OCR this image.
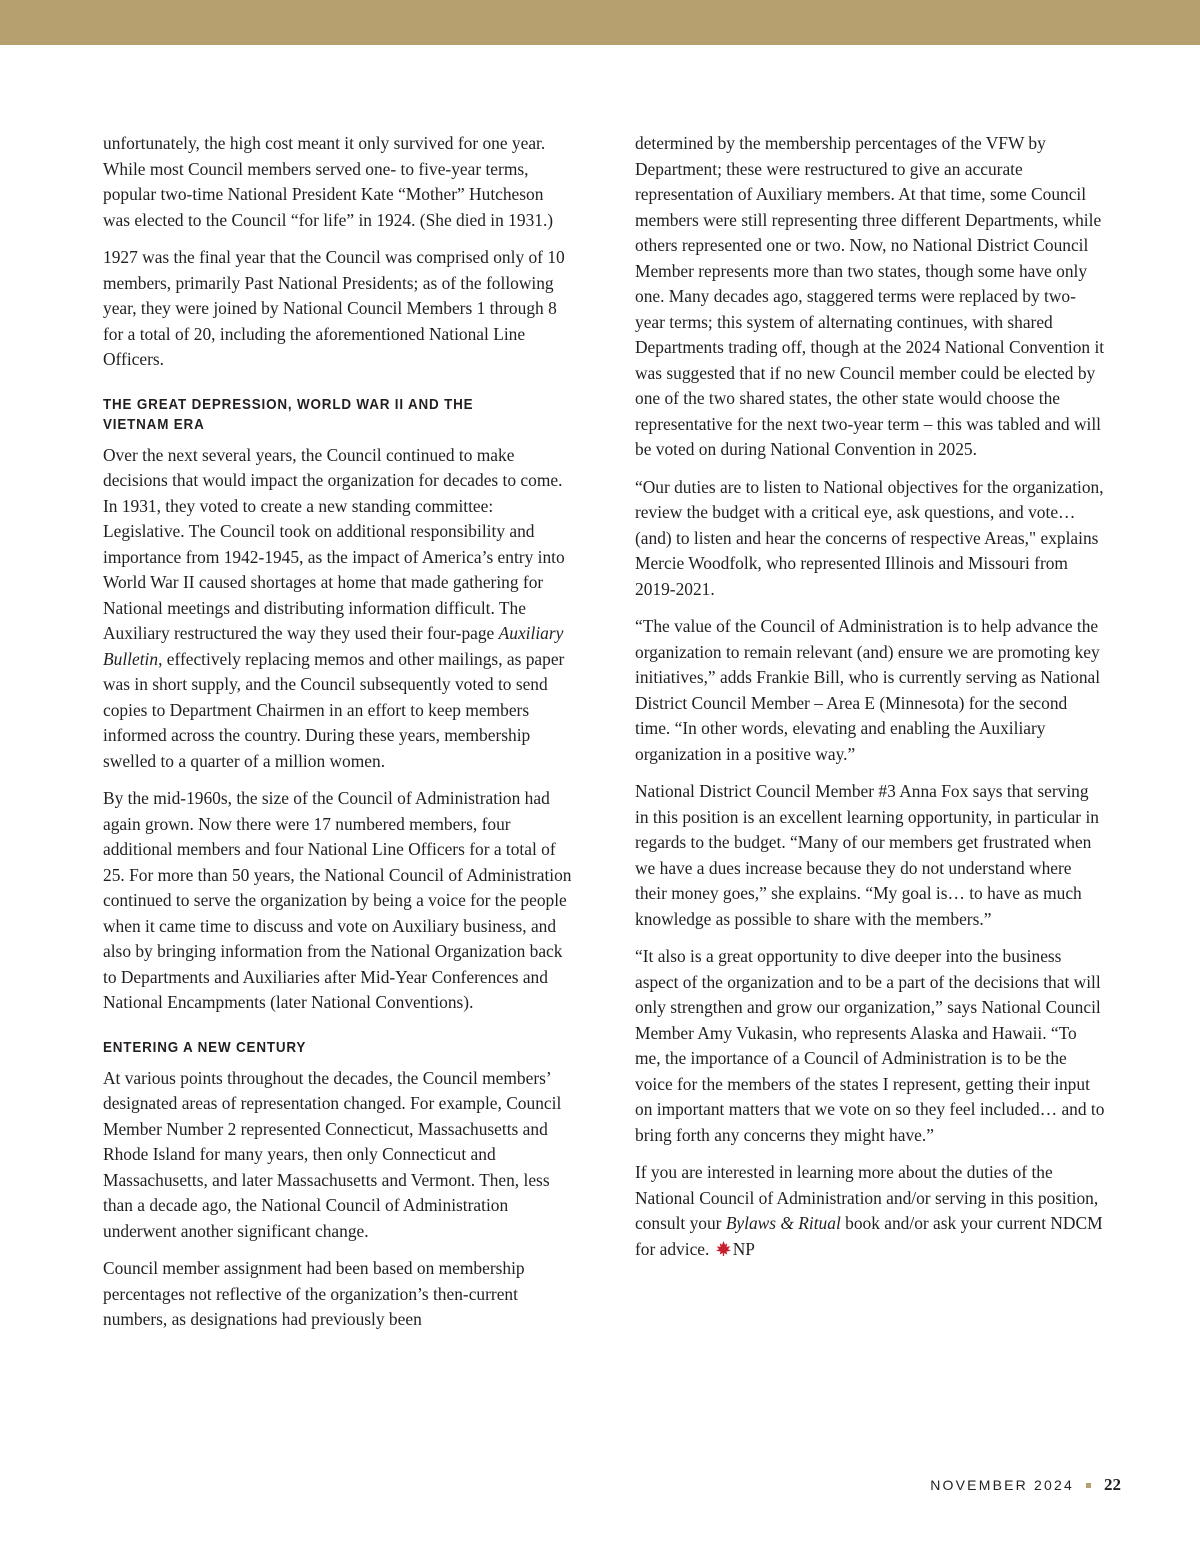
unfortunately, the high cost meant it only survived for one year. While most Council members served one- to five-year terms, popular two-time National President Kate “Mother” Hutcheson was elected to the Council “for life” in 1924. (She died in 1931.)

1927 was the final year that the Council was comprised only of 10 members, primarily Past National Presidents; as of the following year, they were joined by National Council Members 1 through 8 for a total of 20, including the aforementioned National Line Officers.

THE GREAT DEPRESSION, WORLD WAR II AND THE VIETNAM ERA

Over the next several years, the Council continued to make decisions that would impact the organization for decades to come. In 1931, they voted to create a new standing committee: Legislative. The Council took on additional responsibility and importance from 1942-1945, as the impact of America’s entry into World War II caused shortages at home that made gathering for National meetings and distributing information difficult. The Auxiliary restructured the way they used their four-page Auxiliary Bulletin, effectively replacing memos and other mailings, as paper was in short supply, and the Council subsequently voted to send copies to Department Chairmen in an effort to keep members informed across the country. During these years, membership swelled to a quarter of a million women.

By the mid-1960s, the size of the Council of Administration had again grown. Now there were 17 numbered members, four additional members and four National Line Officers for a total of 25. For more than 50 years, the National Council of Administration continued to serve the organization by being a voice for the people when it came time to discuss and vote on Auxiliary business, and also by bringing information from the National Organization back to Departments and Auxiliaries after Mid-Year Conferences and National Encampments (later National Conventions).

ENTERING A NEW CENTURY

At various points throughout the decades, the Council members’ designated areas of representation changed. For example, Council Member Number 2 represented Connecticut, Massachusetts and Rhode Island for many years, then only Connecticut and Massachusetts, and later Massachusetts and Vermont. Then, less than a decade ago, the National Council of Administration underwent another significant change.

Council member assignment had been based on membership percentages not reflective of the organization’s then-current numbers, as designations had previously been

determined by the membership percentages of the VFW by Department; these were restructured to give an accurate representation of Auxiliary members. At that time, some Council members were still representing three different Departments, while others represented one or two. Now, no National District Council Member represents more than two states, though some have only one. Many decades ago, staggered terms were replaced by two-year terms; this system of alternating continues, with shared Departments trading off, though at the 2024 National Convention it was suggested that if no new Council member could be elected by one of the two shared states, the other state would choose the representative for the next two-year term – this was tabled and will be voted on during National Convention in 2025.

“Our duties are to listen to National objectives for the organization, review the budget with a critical eye, ask questions, and vote… (and) to listen and hear the concerns of respective Areas," explains Mercie Woodfolk, who represented Illinois and Missouri from 2019-2021.

“The value of the Council of Administration is to help advance the organization to remain relevant (and) ensure we are promoting key initiatives,” adds Frankie Bill, who is currently serving as National District Council Member – Area E (Minnesota) for the second time. “In other words, elevating and enabling the Auxiliary organization in a positive way.”

National District Council Member #3 Anna Fox says that serving in this position is an excellent learning opportunity, in particular in regards to the budget. “Many of our members get frustrated when we have a dues increase because they do not understand where their money goes,” she explains. “My goal is… to have as much knowledge as possible to share with the members.”

“It also is a great opportunity to dive deeper into the business aspect of the organization and to be a part of the decisions that will only strengthen and grow our organization,” says National Council Member Amy Vukasin, who represents Alaska and Hawaii. “To me, the importance of a Council of Administration is to be the voice for the members of the states I represent, getting their input on important matters that we vote on so they feel included… and to bring forth any concerns they might have.”

If you are interested in learning more about the duties of the National Council of Administration and/or serving in this position, consult your Bylaws & Ritual book and/or ask your current NDCM for advice. NP

NOVEMBER 2024 22
